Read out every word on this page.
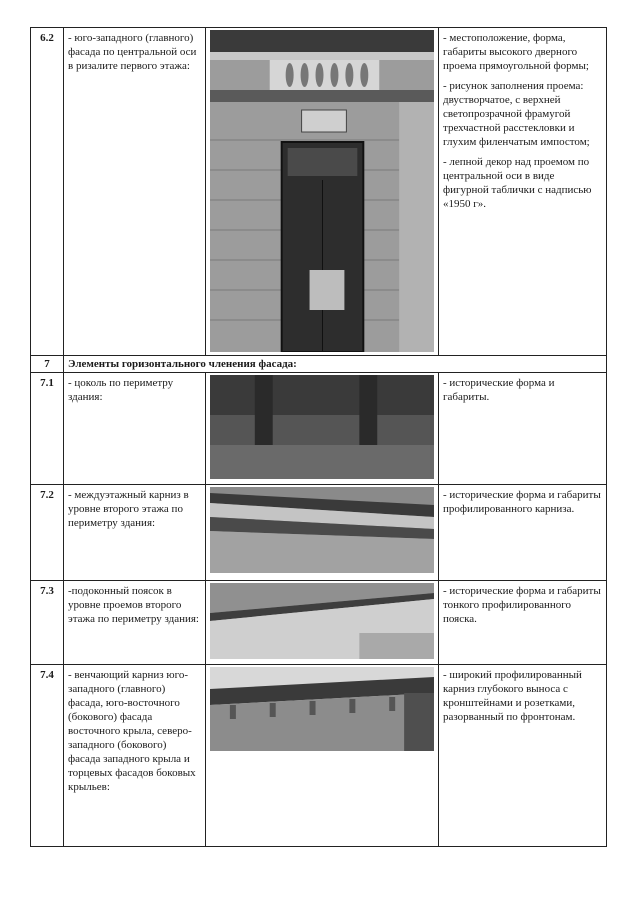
6.2	- юго-западного (главного) фасада по центральной оси в ризалите первого этажа:		- местоположение, форма, габариты высокого дверного проема прямоугольной формы;

- рисунок заполнения проема: двустворчатое, с верхней светопрозрачной фрамугой трехчастной расстекловки и глухим филенчатым импостом;

- лепной декор над проемом по центральной оси в виде фигурной таблички с надписью «1950 г».

7	Элементы горизонтального членения фасада:		
7.1	- цоколь по периметру здания:		- исторические форма и габариты.
7.2	- междуэтажный карниз в уровне второго этажа по периметру здания:		- исторические форма и габариты профилированного карниза.
7.3	-подоконный поясок в уровне проемов второго этажа по периметру здания:		- исторические форма и габариты тонкого профилированного пояска.
7.4	- венчающий карниз юго-западного (главного) фасада, юго-восточного (бокового) фасада восточного крыла, северо-западного (бокового) фасада западного крыла и торцевых фасадов боковых крыльев:		- широкий профилированный карниз глубокого выноса с кронштейнами и розетками, разорванный по фронтонам.
